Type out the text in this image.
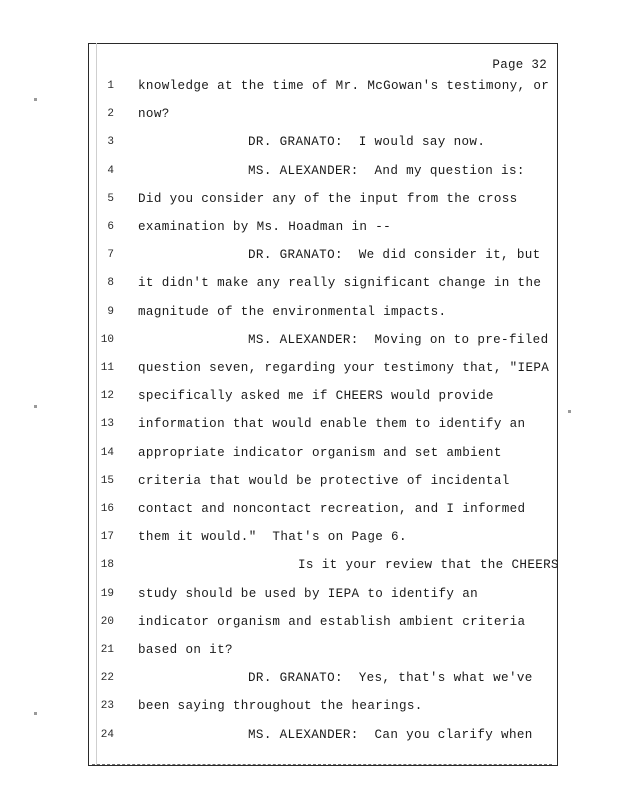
Page 32
1 knowledge at the time of Mr. McGowan's testimony, or
2 now?
3	DR. GRANATO:  I would say now.
4	MS. ALEXANDER:  And my question is:
5 Did you consider any of the input from the cross
6 examination by Ms. Hoadman in --
7	DR. GRANATO:  We did consider it, but
8 it didn't make any really significant change in the
9 magnitude of the environmental impacts.
10	MS. ALEXANDER:  Moving on to pre-filed
11 question seven, regarding your testimony that, "IEPA
12 specifically asked me if CHEERS would provide
13 information that would enable them to identify an
14 appropriate indicator organism and set ambient
15 criteria that would be protective of incidental
16 contact and noncontact recreation, and I informed
17 them it would."  That's on Page 6.
18	Is it your review that the CHEERS
19 study should be used by IEPA to identify an
20 indicator organism and establish ambient criteria
21 based on it?
22	DR. GRANATO:  Yes, that's what we've
23 been saying throughout the hearings.
24	MS. ALEXANDER:  Can you clarify when
